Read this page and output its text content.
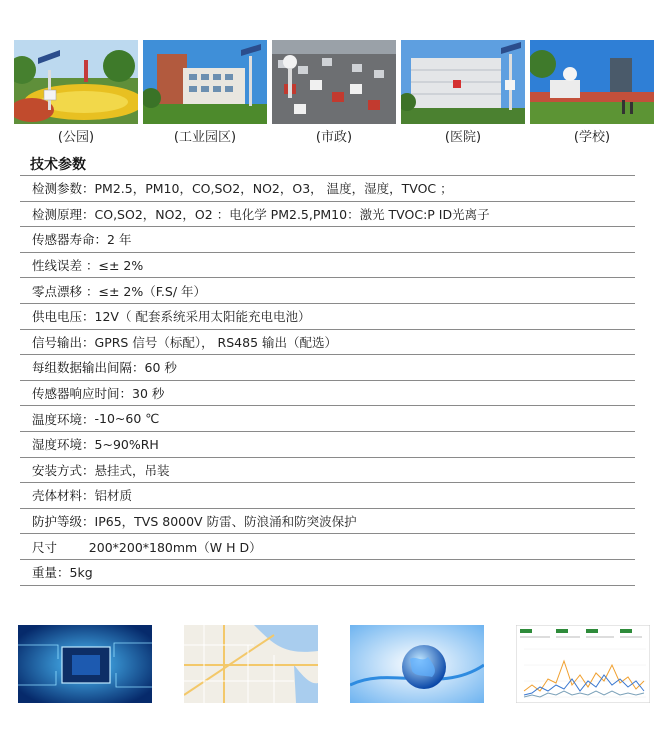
(公园)	(工业园区)	(市政)	(医院)	(学校)
技术参数
检测参数： PM2.5，PM10，CO,SO2，NO2，O3， 温度，湿度，TVOC ；
检测原理： CO,SO2，NO2，O2 ：电化学 PM2.5,PM10：激光 TVOC:P ID光离子
传感器寿命： 2 年
性线误差 ： ≤± 2%
零点漂移 ： ≤± 2%（F.S/ 年）
供电电压： 12V（ 配套系统采用太阳能充电电池）
信号输出： GPRS 信号（标配）， RS485 输出（配选）
每组数据输出间隔： 60 秒
传感器响应时间： 30 秒
温度环境： -10~60 ℃
湿度环境： 5~90%RH
安装方式： 悬挂式，吊装
壳体材料 ：铝材质
防护等级： IP65，TVS 8000V 防雷、防浪涌和防突波保护
尺寸 200*200*180mm（W H D）
重量： 5kg
